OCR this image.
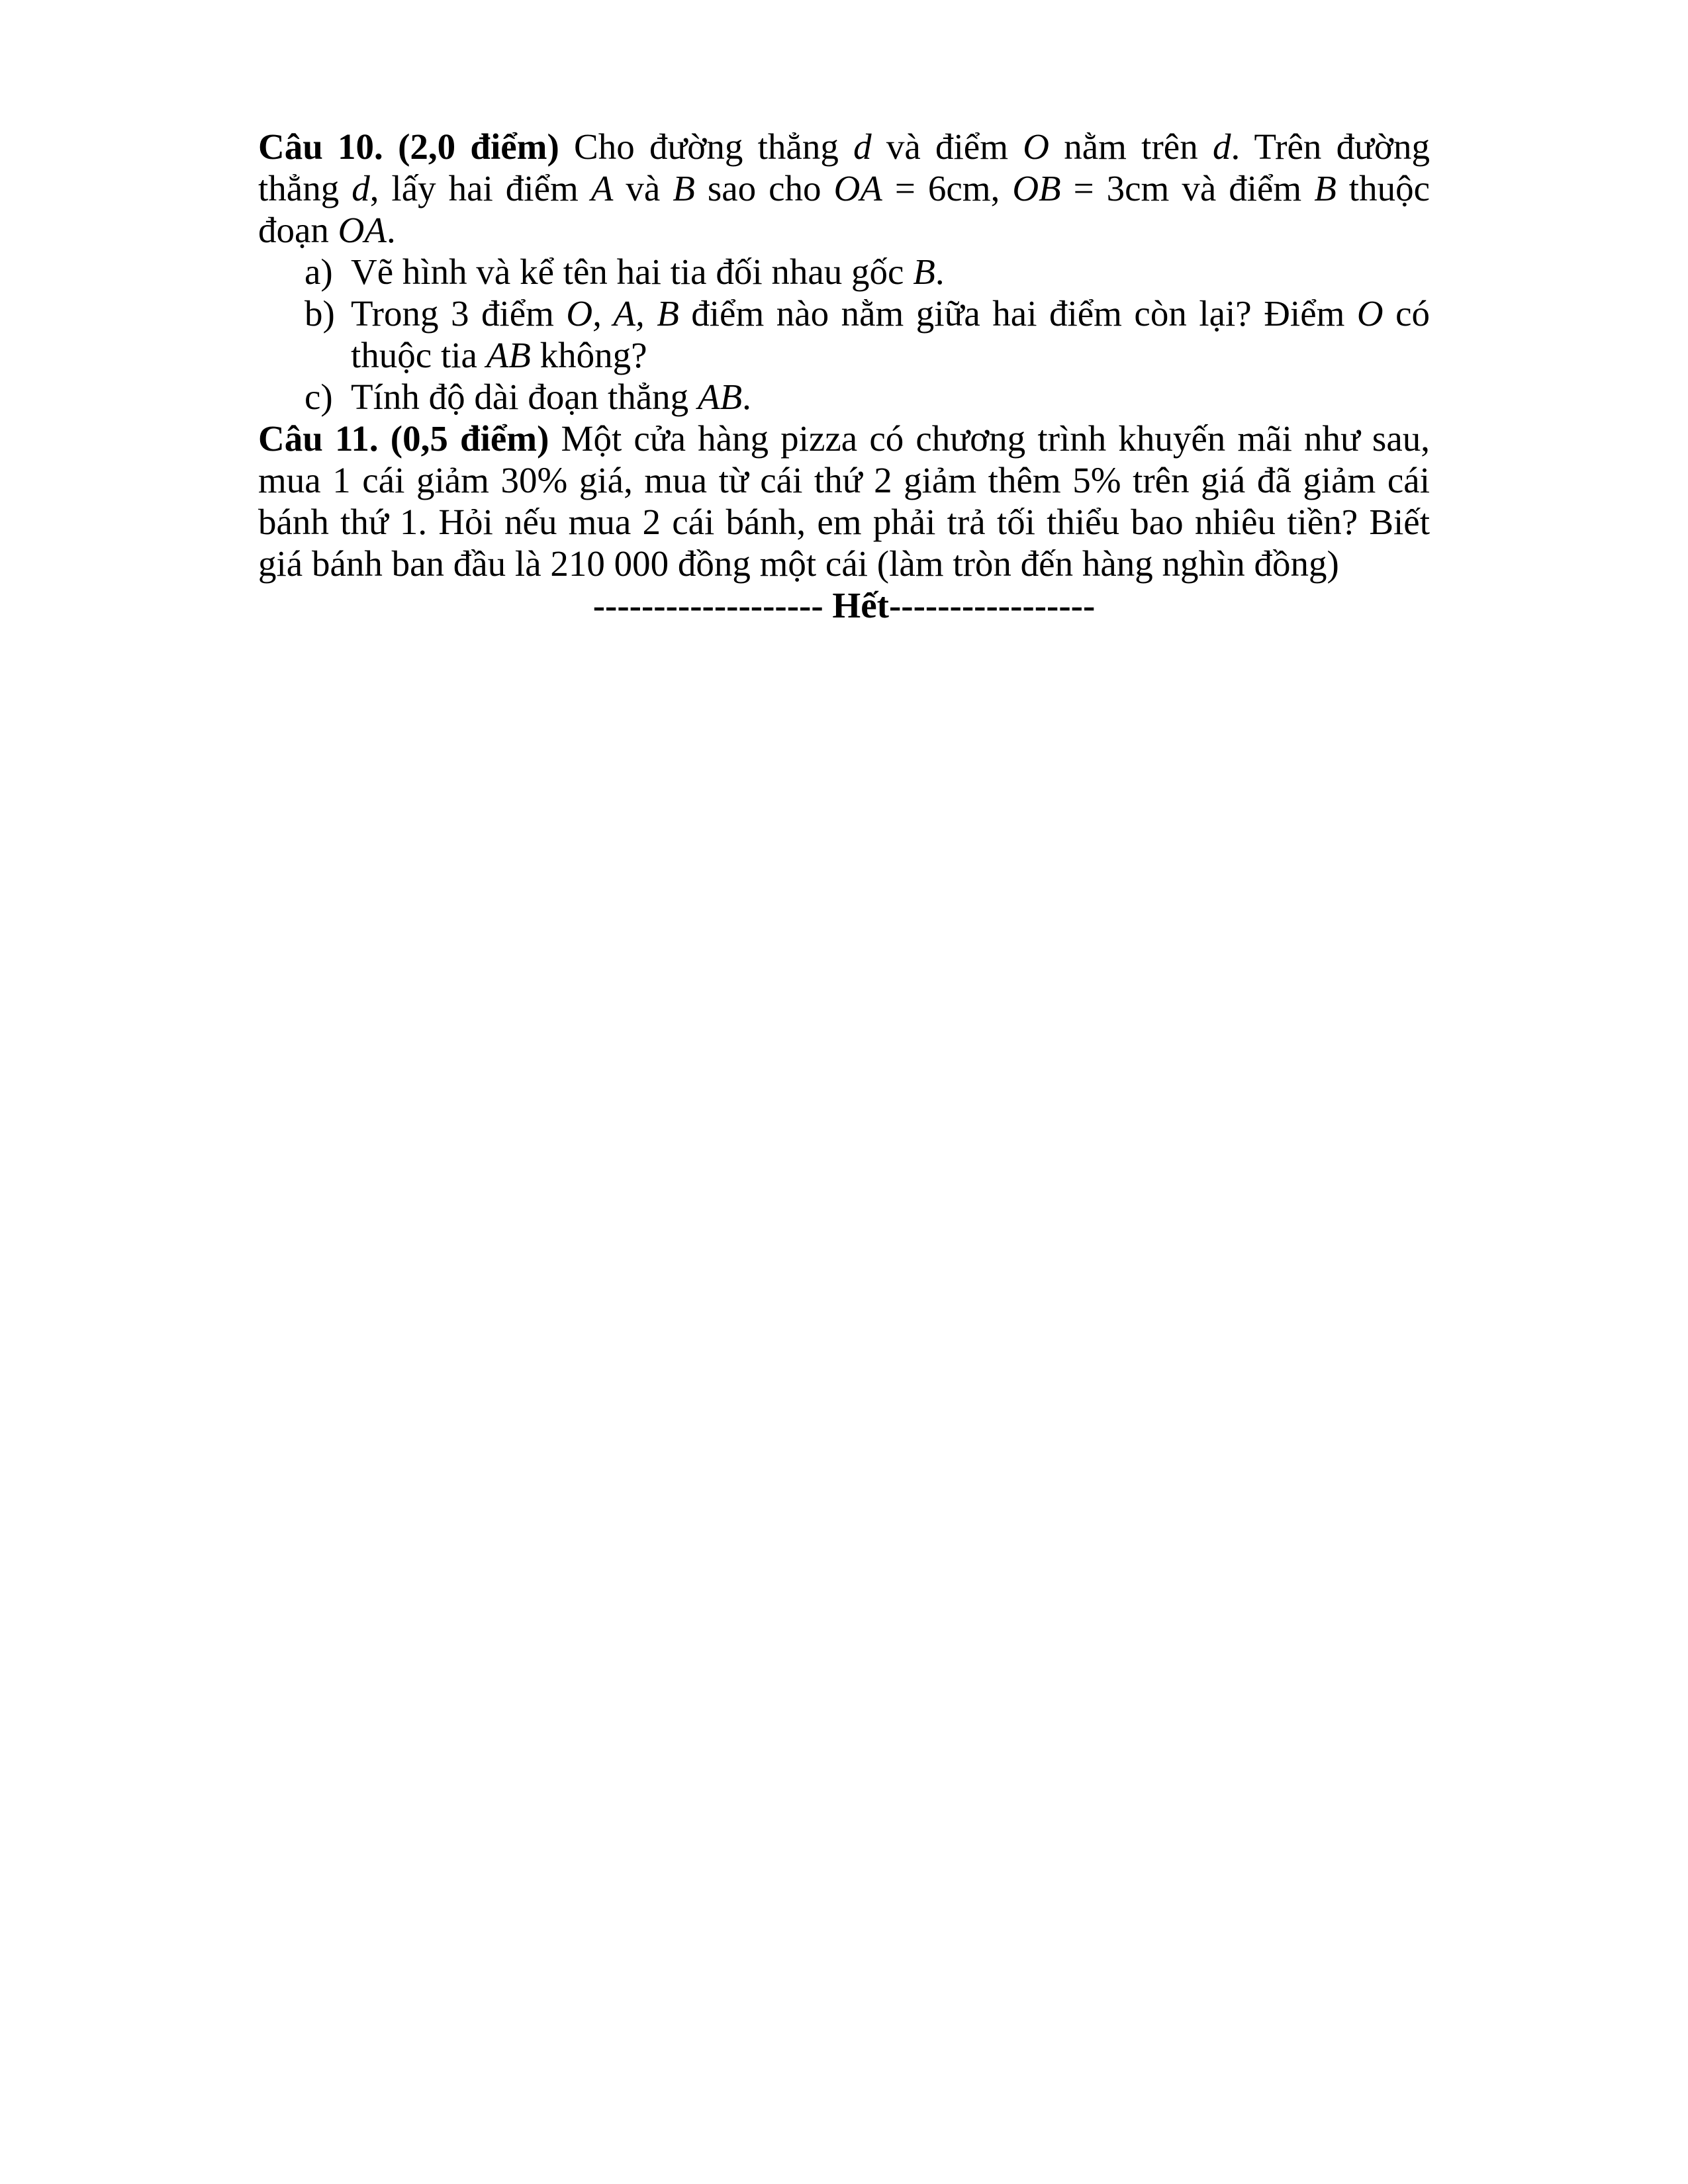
Câu 10. (2,0 điểm) Cho đường thẳng d và điểm O nằm trên d. Trên đường thẳng d, lấy hai điểm A và B sao cho OA = 6cm, OB = 3cm và điểm B thuộc đoạn OA.

a) Vẽ hình và kể tên hai tia đối nhau gốc B.
b) Trong 3 điểm O, A, B điểm nào nằm giữa hai điểm còn lại? Điểm O có thuộc tia AB không?
c) Tính độ dài đoạn thẳng AB.

Câu 11. (0,5 điểm) Một cửa hàng pizza có chương trình khuyến mãi như sau, mua 1 cái giảm 30% giá, mua từ cái thứ 2 giảm thêm 5% trên giá đã giảm cái bánh thứ 1. Hỏi nếu mua 2 cái bánh, em phải trả tối thiểu bao nhiêu tiền? Biết giá bánh ban đầu là 210 000 đồng một cái (làm tròn đến hàng nghìn đồng)

------------------- Hết-----------------
